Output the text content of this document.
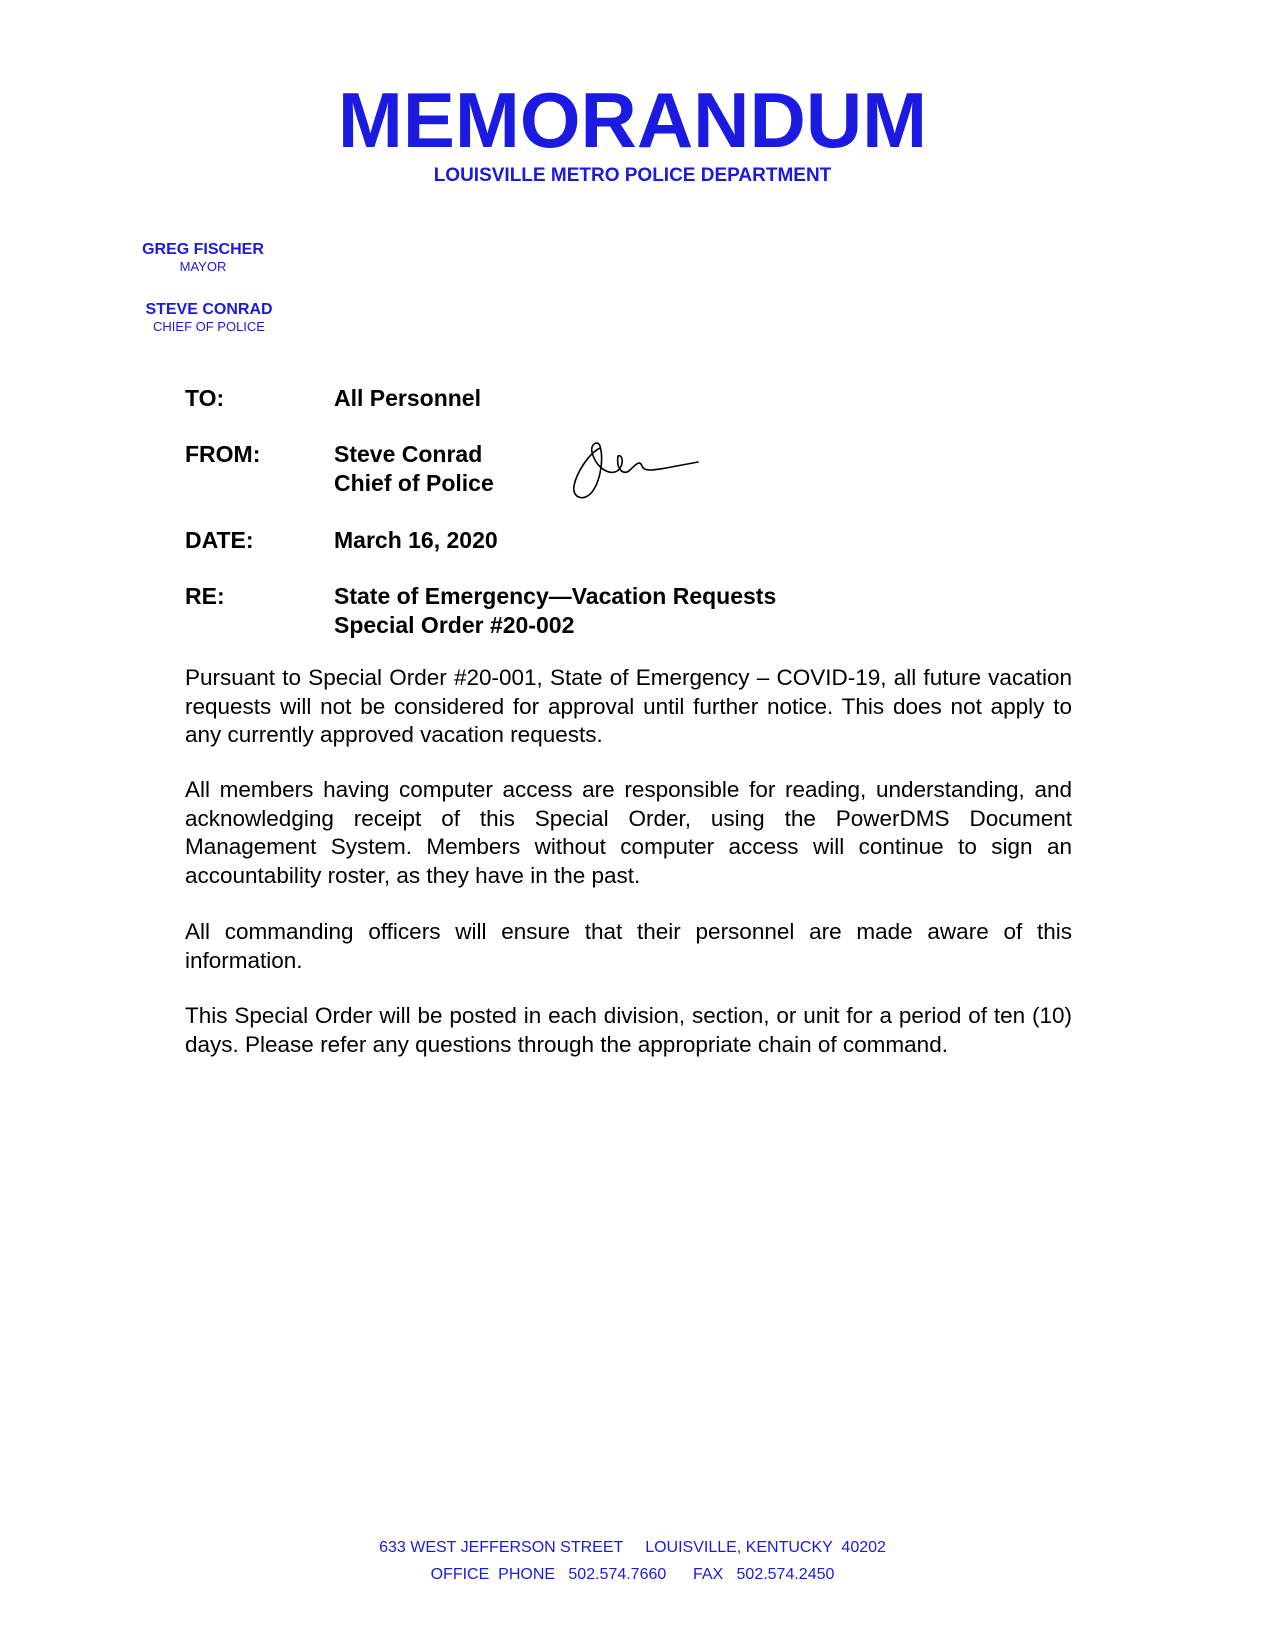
MEMORANDUM
LOUISVILLE METRO POLICE DEPARTMENT
GREG FISCHER
MAYOR
STEVE CONRAD
CHIEF OF POLICE
TO:	All Personnel
FROM:	Steve Conrad
Chief of Police
DATE:	March 16, 2020
RE:	State of Emergency—Vacation Requests
Special Order #20-002
Pursuant to Special Order #20-001, State of Emergency – COVID-19, all future vacation requests will not be considered for approval until further notice. This does not apply to any currently approved vacation requests.
All members having computer access are responsible for reading, understanding, and acknowledging receipt of this Special Order, using the PowerDMS Document Management System. Members without computer access will continue to sign an accountability roster, as they have in the past.
All commanding officers will ensure that their personnel are made aware of this information.
This Special Order will be posted in each division, section, or unit for a period of ten (10) days. Please refer any questions through the appropriate chain of command.
633 WEST JEFFERSON STREET     LOUISVILLE, KENTUCKY  40202
OFFICE  PHONE   502.574.7660      FAX   502.574.2450
